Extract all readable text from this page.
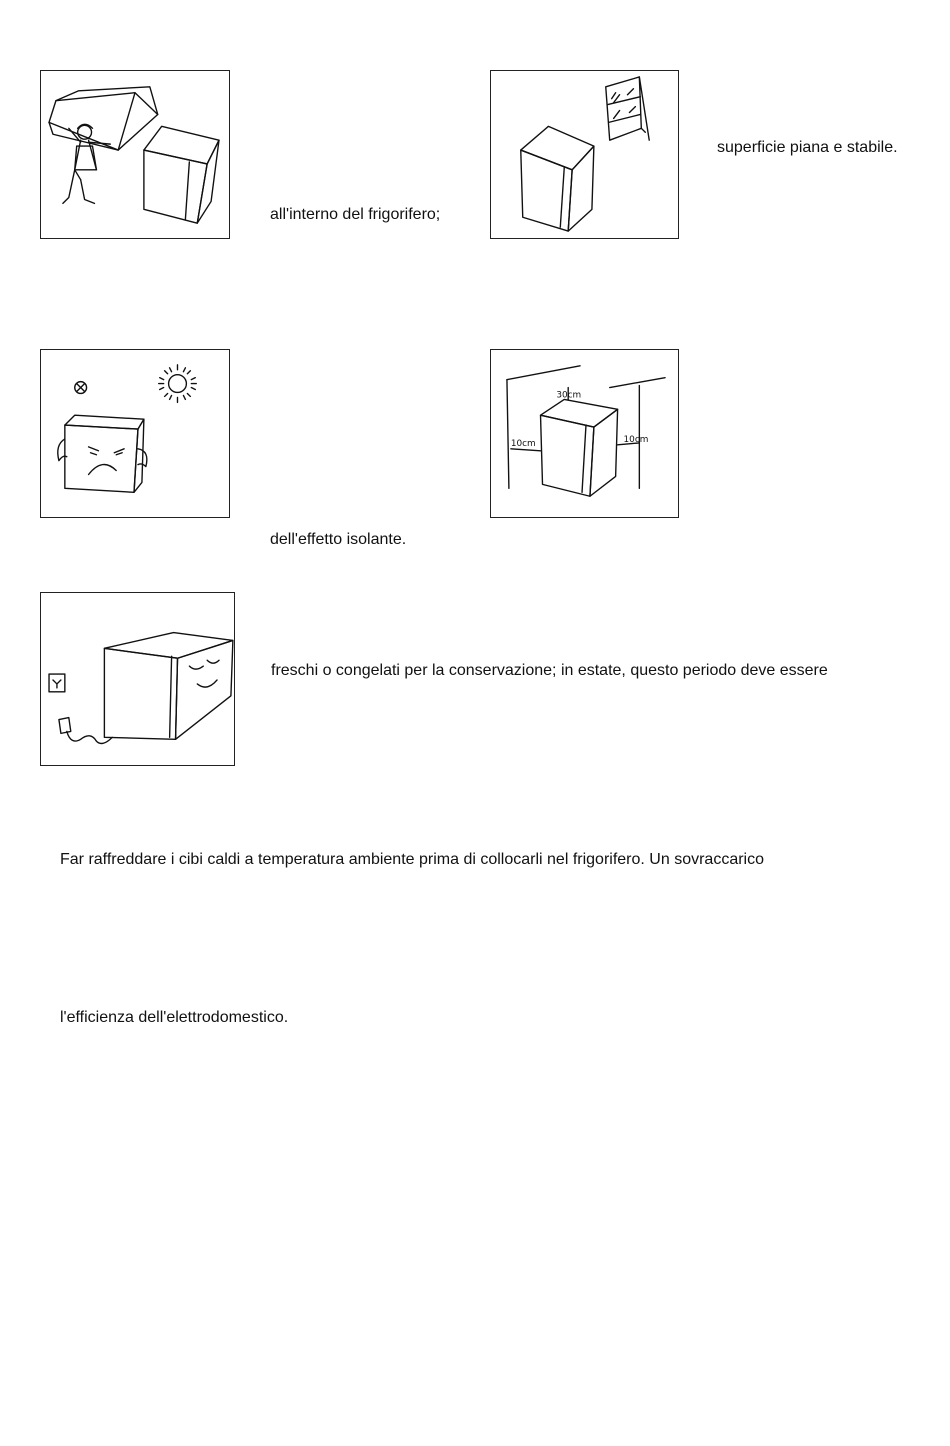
all'interno del frigorifero;
superficie piana e stabile.
30cm
10cm	10cm
dell'effetto isolante.
freschi o congelati per la conservazione; in estate, questo periodo deve essere
Far raffreddare i cibi caldi a temperatura ambiente prima di collocarli nel frigorifero. Un sovraccarico
l'efficienza dell'elettrodomestico.
